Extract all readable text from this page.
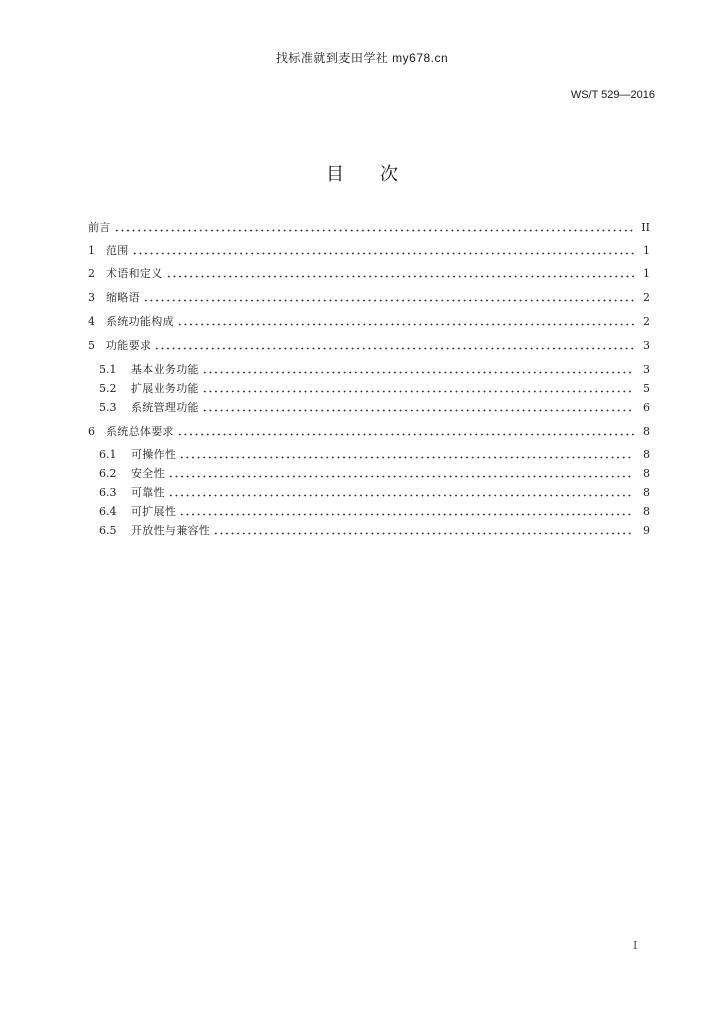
找标准就到麦田学社 my678.cn
WS/T 529—2016
目　　次
前言	II
1	范围	1
2	术语和定义	1
3	缩略语	2
4	系统功能构成	2
5	功能要求	3
5.1	基本业务功能	3
5.2	扩展业务功能	5
5.3	系统管理功能	6
6	系统总体要求	8
6.1	可操作性	8
6.2	安全性	8
6.3	可靠性	8
6.4	可扩展性	8
6.5	开放性与兼容性	9
I
